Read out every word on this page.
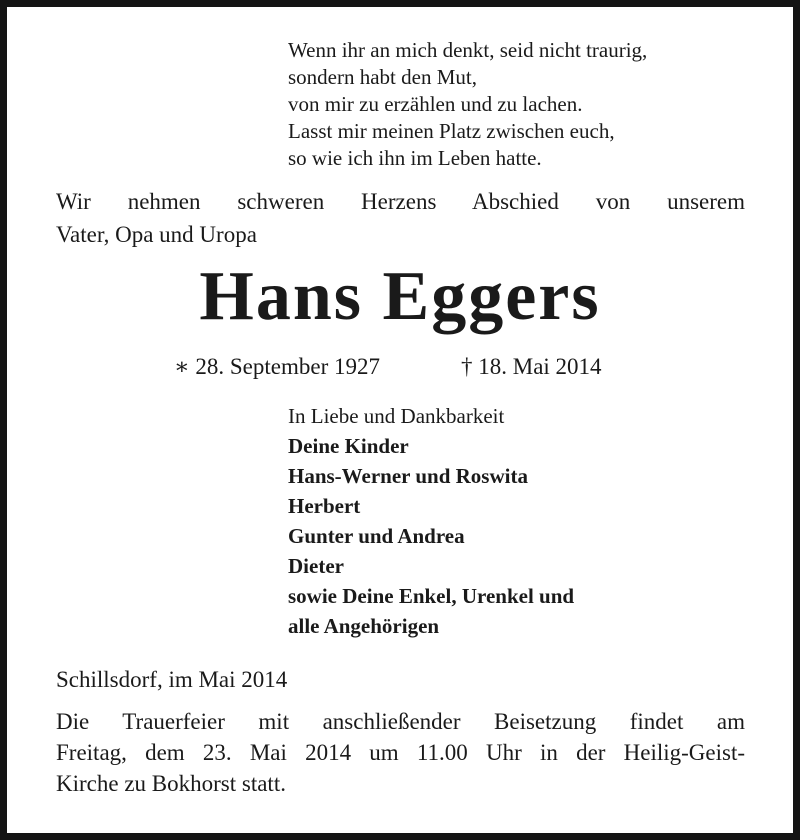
Wenn ihr an mich denkt, seid nicht traurig,
sondern habt den Mut,
von mir zu erzählen und zu lachen.
Lasst mir meinen Platz zwischen euch,
so wie ich ihn im Leben hatte.
Wir nehmen schweren Herzens Abschied von unserem
Vater, Opa und Uropa
Hans Eggers
∗ 28. September 1927	† 18. Mai 2014
In Liebe und Dankbarkeit
Deine Kinder
Hans-Werner und Roswita
Herbert
Gunter und Andrea
Dieter
sowie Deine Enkel, Urenkel und
alle Angehörigen
Schillsdorf, im Mai 2014
Die Trauerfeier mit anschließender Beisetzung findet am
Freitag, dem 23. Mai 2014 um 11.00 Uhr in der Heilig-Geist-
Kirche zu Bokhorst statt.
